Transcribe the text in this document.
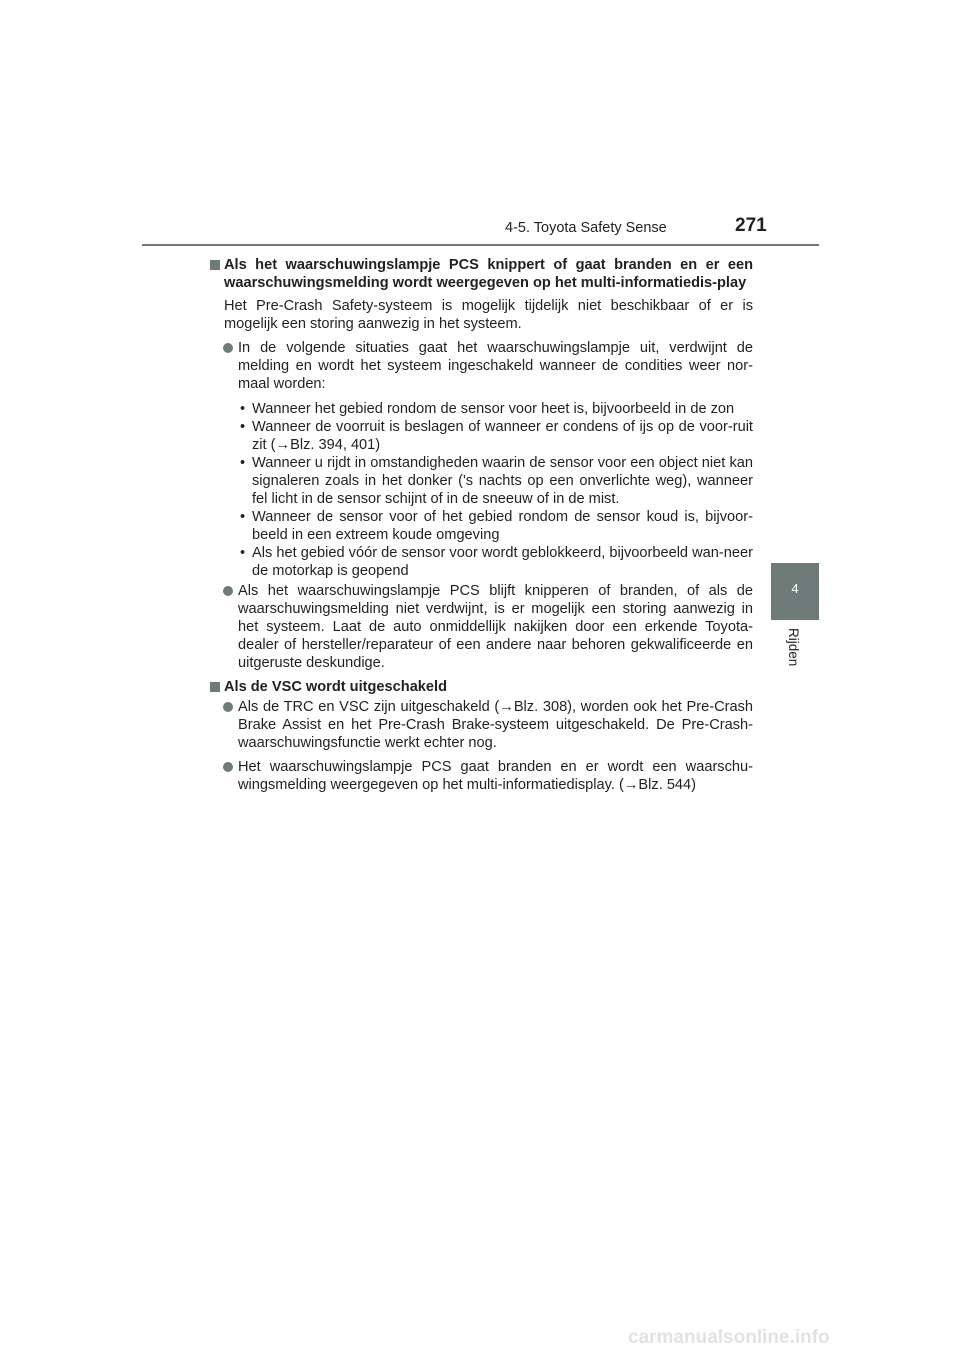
4-5. Toyota Safety Sense	271
4
Rijden
Als het waarschuwingslampje PCS knippert of gaat branden en er een waarschuwingsmelding wordt weergegeven op het multi-informatiedis-play
Het Pre-Crash Safety-systeem is mogelijk tijdelijk niet beschikbaar of er is mogelijk een storing aanwezig in het systeem.
In de volgende situaties gaat het waarschuwingslampje uit, verdwijnt de melding en wordt het systeem ingeschakeld wanneer de condities weer nor-maal worden:
• Wanneer het gebied rondom de sensor voor heet is, bijvoorbeeld in de zon
• Wanneer de voorruit is beslagen of wanneer er condens of ijs op de voor-ruit zit (→Blz. 394, 401)
• Wanneer u rijdt in omstandigheden waarin de sensor voor een object niet kan signaleren zoals in het donker ('s nachts op een onverlichte weg), wanneer fel licht in de sensor schijnt of in de sneeuw of in de mist.
• Wanneer de sensor voor of het gebied rondom de sensor koud is, bijvoor-beeld in een extreem koude omgeving
• Als het gebied vóór de sensor voor wordt geblokkeerd, bijvoorbeeld wan-neer de motorkap is geopend
Als het waarschuwingslampje PCS blijft knipperen of branden, of als de waarschuwingsmelding niet verdwijnt, is er mogelijk een storing aanwezig in het systeem. Laat de auto onmiddellijk nakijken door een erkende Toyota-dealer of hersteller/reparateur of een andere naar behoren gekwalificeerde en uitgeruste deskundige.
Als de VSC wordt uitgeschakeld
Als de TRC en VSC zijn uitgeschakeld (→Blz. 308), worden ook het Pre-Crash Brake Assist en het Pre-Crash Brake-systeem uitgeschakeld. De Pre-Crash-waarschuwingsfunctie werkt echter nog.
Het waarschuwingslampje PCS gaat branden en er wordt een waarschu-wingsmelding weergegeven op het multi-informatiedisplay. (→Blz. 544)
carmanualsonline.info
